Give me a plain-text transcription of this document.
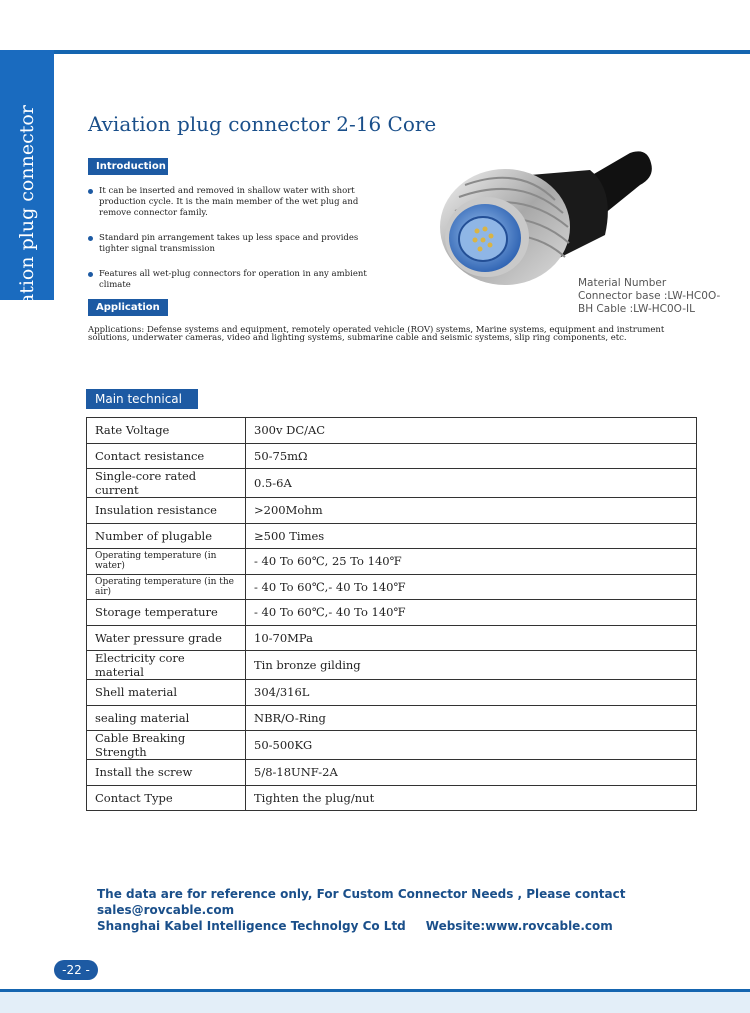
Aviation plug connector	Aviation plug connector 2-16 Core
Introduction
It can be inserted and removed in shallow water with short production cycle. It is the main member of the wet plug and remove connector family.
Standard pin arrangement takes up less space and provides tighter signal transmission
Features all wet-plug connectors for operation in any ambient climate	Material Number
Connector base :LW-HC0O-
BH Cable :LW-HC0O-IL
Application
Applications: Defense systems and equipment, remotely operated vehicle (ROV) systems, Marine systems, equipment and instrument solutions, underwater cameras, video and lighting systems, submarine cable and seismic systems, slip ring components, etc.
Main technical
Rate Voltage	300v DC/AC
Contact resistance	50-75mΩ
Single-core rated current	0.5-6A
Insulation resistance	>200Mohm
Number of plugable	≥500 Times
Operating temperature (in water)	- 40 To 60℃, 25 To 140℉
Operating temperature (in the air)	- 40 To 60℃,- 40 To 140℉
Storage temperature	- 40 To 60℃,- 40 To 140℉
Water pressure grade	10-70MPa
Electricity core material	Tin bronze gilding
Shell material	304/316L
sealing material	NBR/O-Ring
Cable Breaking Strength	50-500KG
Install the screw	5/8-18UNF-2A
Contact Type	Tighten the plug/nut
The data are for reference only, For Custom Connector Needs , Please contact sales@rovcable.com
Shanghai Kabel Intelligence Technolgy Co Ltd Website:www.rovcable.com
-22 -
